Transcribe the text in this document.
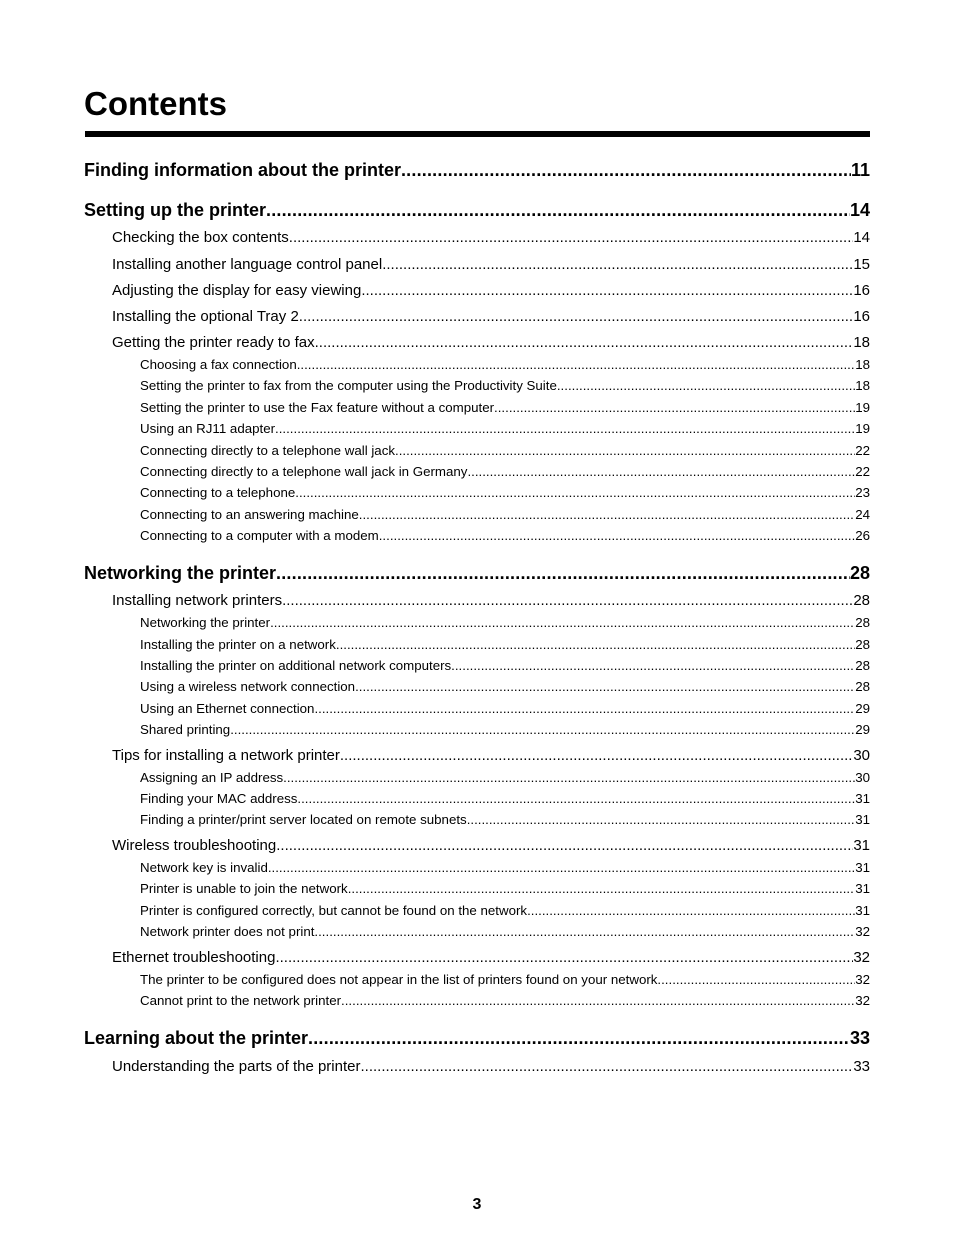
Contents
Finding information about the printer .....	11
Setting up the printer .....	14
Checking the box contents .....	14
Installing another language control panel .....	15
Adjusting the display for easy viewing .....	16
Installing the optional Tray 2 .....	16
Getting the printer ready to fax .....	18
Choosing a fax connection .....	18
Setting the printer to fax from the computer using the Productivity Suite .....	18
Setting the printer to use the Fax feature without a computer .....	19
Using an RJ11 adapter .....	19
Connecting directly to a telephone wall jack .....	22
Connecting directly to a telephone wall jack in Germany .....	22
Connecting to a telephone .....	23
Connecting to an answering machine .....	24
Connecting to a computer with a modem .....	26
Networking the printer .....	28
Installing network printers .....	28
Networking the printer .....	28
Installing the printer on a network .....	28
Installing the printer on additional network computers .....	28
Using a wireless network connection .....	28
Using an Ethernet connection .....	29
Shared printing .....	29
Tips for installing a network printer .....	30
Assigning an IP address .....	30
Finding your MAC address .....	31
Finding a printer/print server located on remote subnets .....	31
Wireless troubleshooting .....	31
Network key is invalid .....	31
Printer is unable to join the network .....	31
Printer is configured correctly, but cannot be found on the network .....	31
Network printer does not print .....	32
Ethernet troubleshooting .....	32
The printer to be configured does not appear in the list of printers found on your network .....	32
Cannot print to the network printer .....	32
Learning about the printer .....	33
Understanding the parts of the printer .....	33
3
